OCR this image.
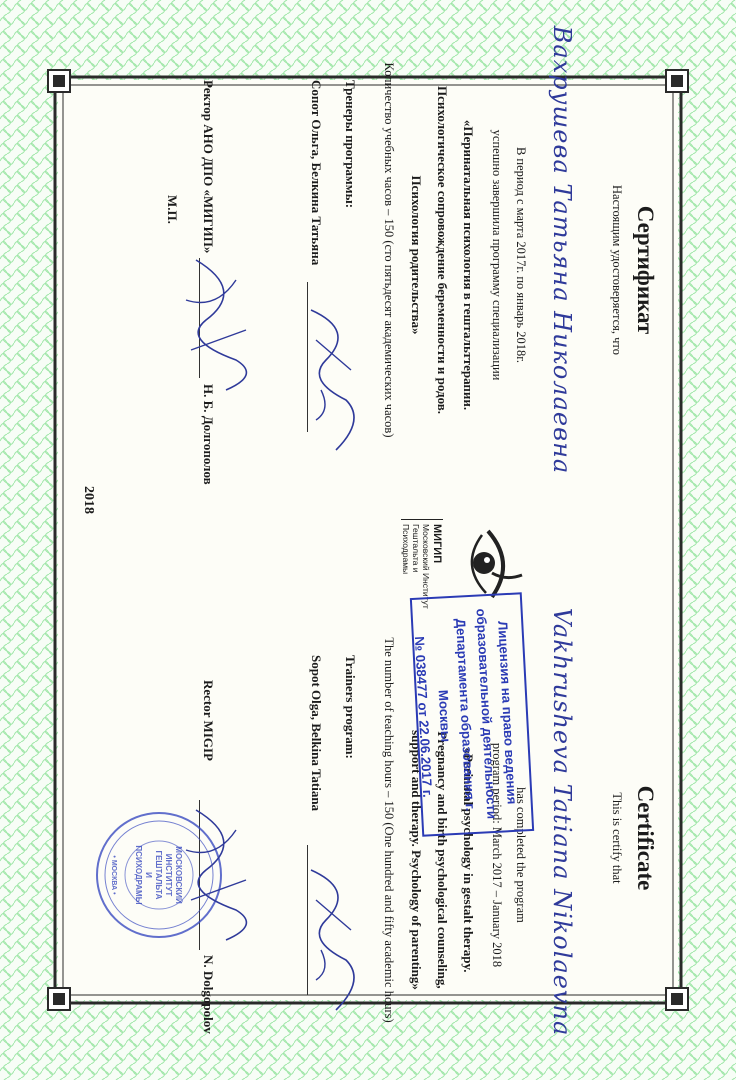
Сертификат
Настоящим удостоверяется, что
Вахрушева Татьяна Николаевна
В период с марта 2017г. по январь 2018г.
успешно завершила программу специализации
«Перинатальная психология в гештальттерапии.
Психологическое сопровождение беременности и родов.
Психология родительства»
Количество учебных часов – 150 (сто пятьдесят академических часов)
Тренеры программы:
Сопот Ольга, Белкина Татьяна
Ректор АНО ДПО «МИГИП»
Н. Б. Долгополов
М.П.
2018
Certificate
This is certify that
Vakhrusheva Tatiana Nikolaevna
has completed the program
program period: March 2017 – January 2018
«Perinatal psychology in gestalt therapy.
Pregnancy and birth psychological counseling,
support and therapy. Psychology of parenting»
The number of teaching hours – 150 (One hundred and fifty academic hours)
Trainers program:
Sopot Olga, Belkina Tatiana
Rector MIGIP
N. Dolgopolov
МИГИП
Московский Институт
Гештальта и Психодрамы
Лицензия на право ведения
образовательной деятельности
Департамента образования г. Москвы
№ 038477 от 22.06.2017 г.
МОСКОВСКИЙ
ИНСТИТУТ
ГЕШТАЛЬТА
И
ПСИХОДРАМЫ
• МОСКВА •
